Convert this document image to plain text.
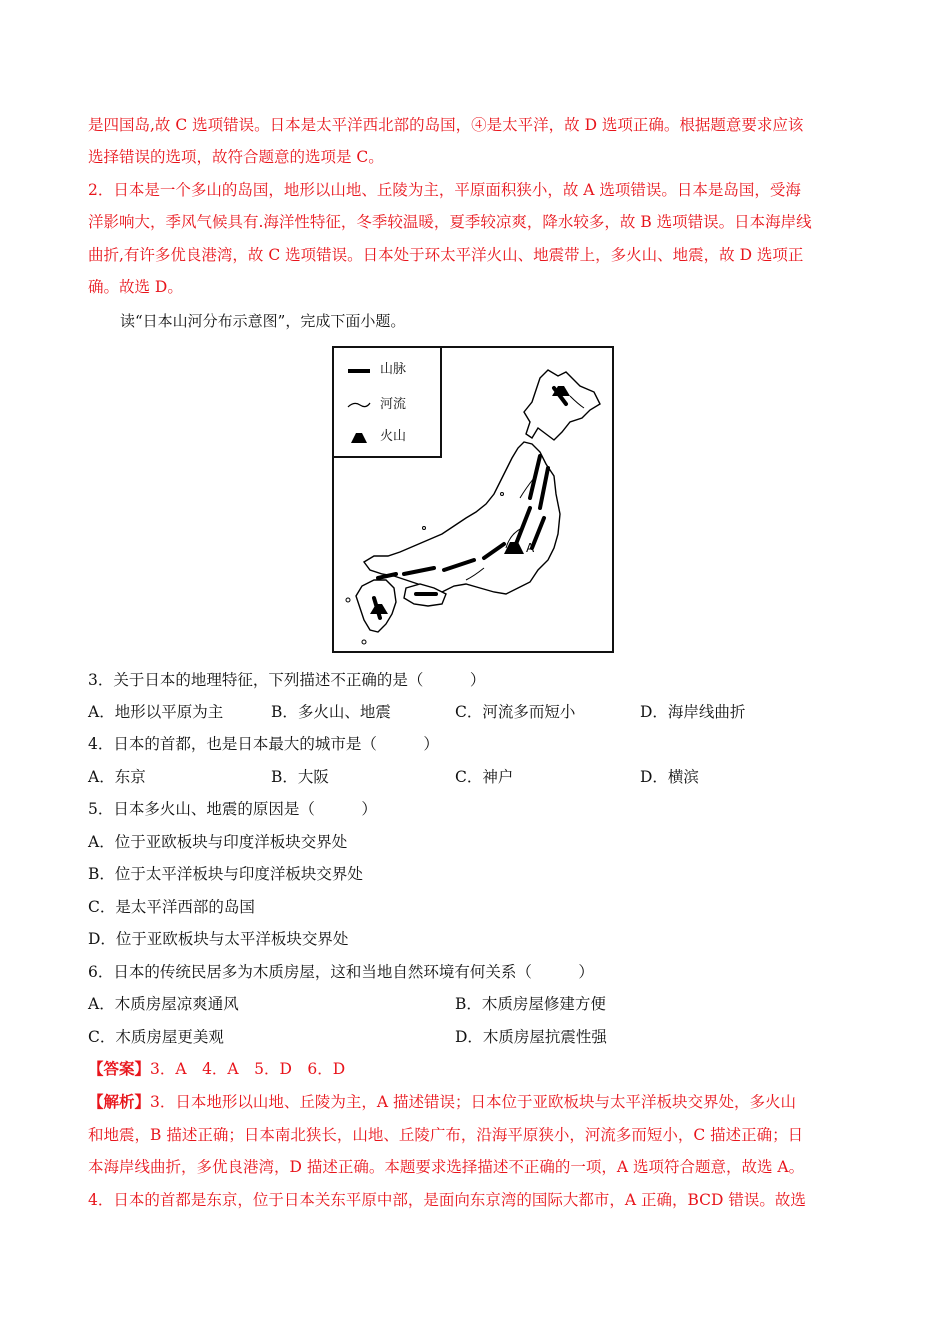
是四国岛,故 C 选项错误。日本是太平洋西北部的岛国，④是太平洋，故 D 选项正确。根据题意要求应该
选择错误的选项，故符合题意的选项是 C。
2．日本是一个多山的岛国，地形以山地、丘陵为主，平原面积狭小，故 A 选项错误。日本是岛国，受海
洋影响大，季风气候具有.海洋性特征，冬季较温暖，夏季较凉爽，降水较多，故 B 选项错误。日本海岸线
曲折,有许多优良港湾，故 C 选项错误。日本处于环太平洋火山、地震带上，多火山、地震，故 D 选项正
确。故选 D。
读“日本山河分布示意图”，完成下面小题。
山脉
河流
火山
A
3．关于日本的地理特征，下列描述不正确的是（　　　）
A．地形以平原为主	B．多火山、地震	C．河流多而短小	D．海岸线曲折
4．日本的首都，也是日本最大的城市是（　　　）
A．东京	B．大阪	C．神户	D．横滨
5．日本多火山、地震的原因是（　　　）
A．位于亚欧板块与印度洋板块交界处
B．位于太平洋板块与印度洋板块交界处
C．是太平洋西部的岛国
D．位于亚欧板块与太平洋板块交界处
6．日本的传统民居多为木质房屋，这和当地自然环境有何关系（　　　）
A．木质房屋凉爽通风	B．木质房屋修建方便
C．木质房屋更美观	D．木质房屋抗震性强
【答案】3．A　4．A　5．D　6．D
【解析】3．日本地形以山地、丘陵为主，A 描述错误；日本位于亚欧板块与太平洋板块交界处，多火山
和地震，B 描述正确；日本南北狭长，山地、丘陵广布，沿海平原狭小，河流多而短小，C 描述正确；日
本海岸线曲折，多优良港湾，D 描述正确。本题要求选择描述不正确的一项，A 选项符合题意，故选 A。
4．日本的首都是东京，位于日本关东平原中部，是面向东京湾的国际大都市，A 正确，BCD 错误。故选
